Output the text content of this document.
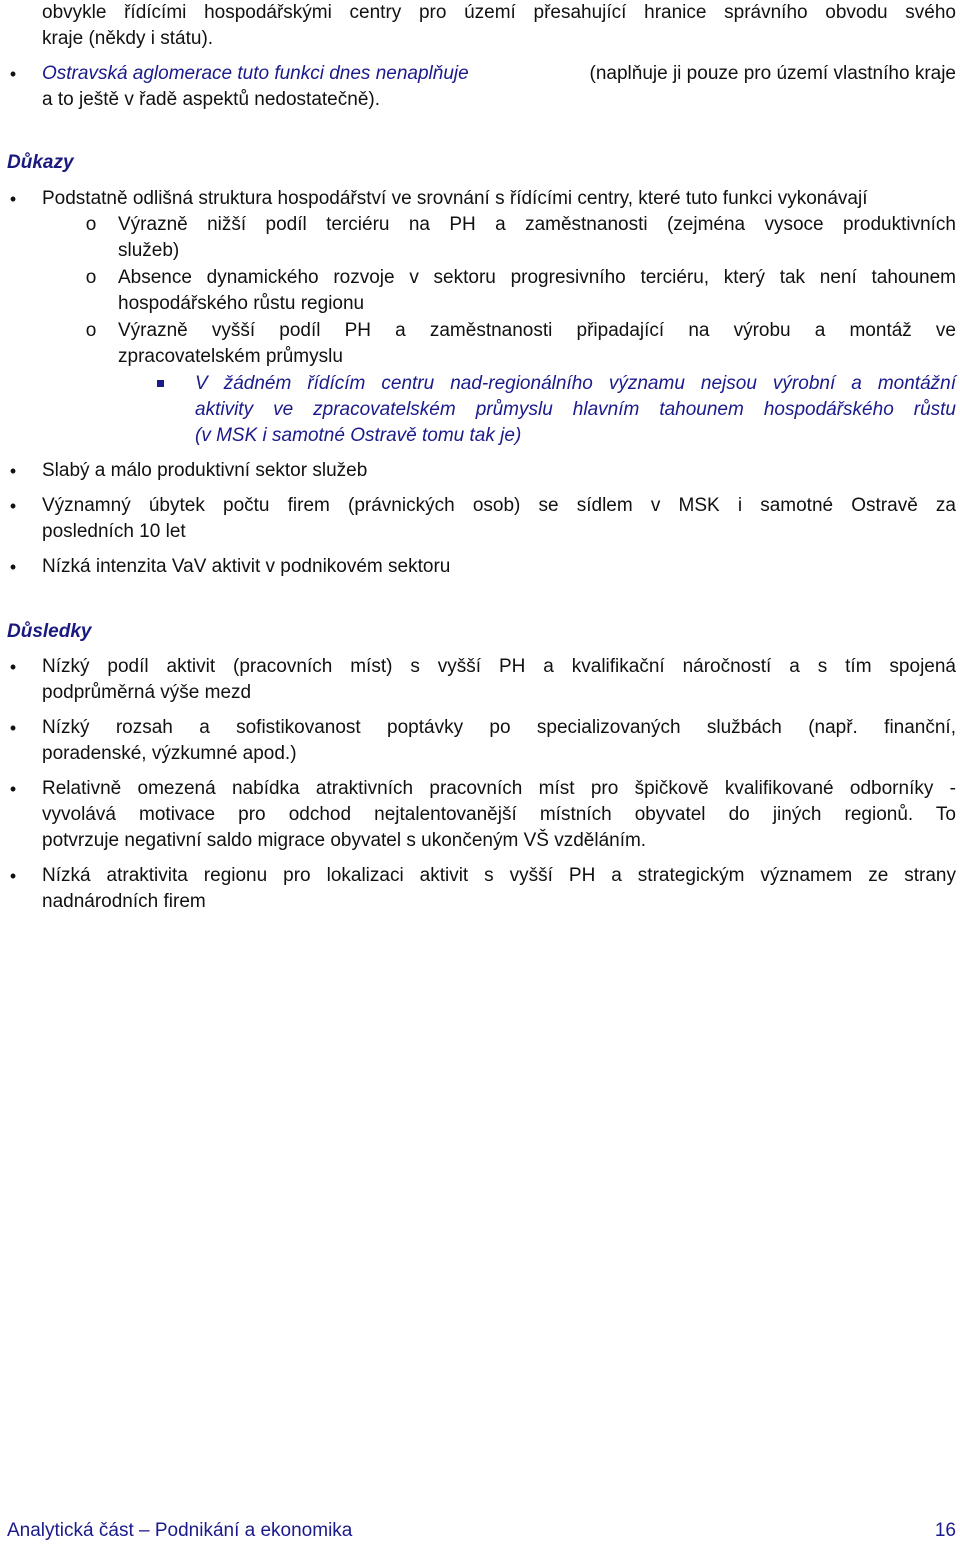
obvykle řídícími hospodářskými centry pro území přesahující hranice správního obvodu svého
kraje (někdy i státu).
• Ostravská aglomerace tuto funkci dnes nenaplňuje	(naplňuje ji pouze pro území vlastního kraje
a to ještě v řadě aspektů nedostatečně).
Důkazy
• Podstatně odlišná struktura hospodářství ve srovnání s řídícími centry, které tuto funkci vykonávají
o Výrazně nižší podíl terciéru na PH a zaměstnanosti (zejména vysoce produktivních
služeb)
o Absence dynamického rozvoje v sektoru progresivního terciéru, který tak není tahounem
hospodářského růstu regionu
o Výrazně vyšší podíl PH a zaměstnanosti připadající na výrobu a montáž ve
zpracovatelském průmyslu
V žádném řídícím centru nad-regionálního významu nejsou výrobní a montážní
aktivity ve zpracovatelském průmyslu hlavním tahounem hospodářského růstu
(v MSK i samotné Ostravě tomu tak je)
• Slabý a málo produktivní sektor služeb
• Významný úbytek počtu firem (právnických osob) se sídlem v MSK i samotné Ostravě za
posledních 10 let
• Nízká intenzita VaV aktivit v podnikovém sektoru
Důsledky
• Nízký podíl aktivit (pracovních míst) s vyšší PH a kvalifikační náročností a s tím spojená
podprůměrná výše mezd
• Nízký rozsah a sofistikovanost poptávky po specializovaných službách (např. finanční,
poradenské, výzkumné apod.)
• Relativně omezená nabídka atraktivních pracovních míst pro špičkově kvalifikované odborníky -
vyvolává motivace pro odchod nejtalentovanější místních obyvatel do jiných regionů. To
potvrzuje negativní saldo migrace obyvatel s ukončeným VŠ vzděláním.
• Nízká atraktivita regionu pro lokalizaci aktivit s vyšší PH a strategickým významem ze strany
nadnárodních firem
Analytická část – Podnikání a ekonomika	16
